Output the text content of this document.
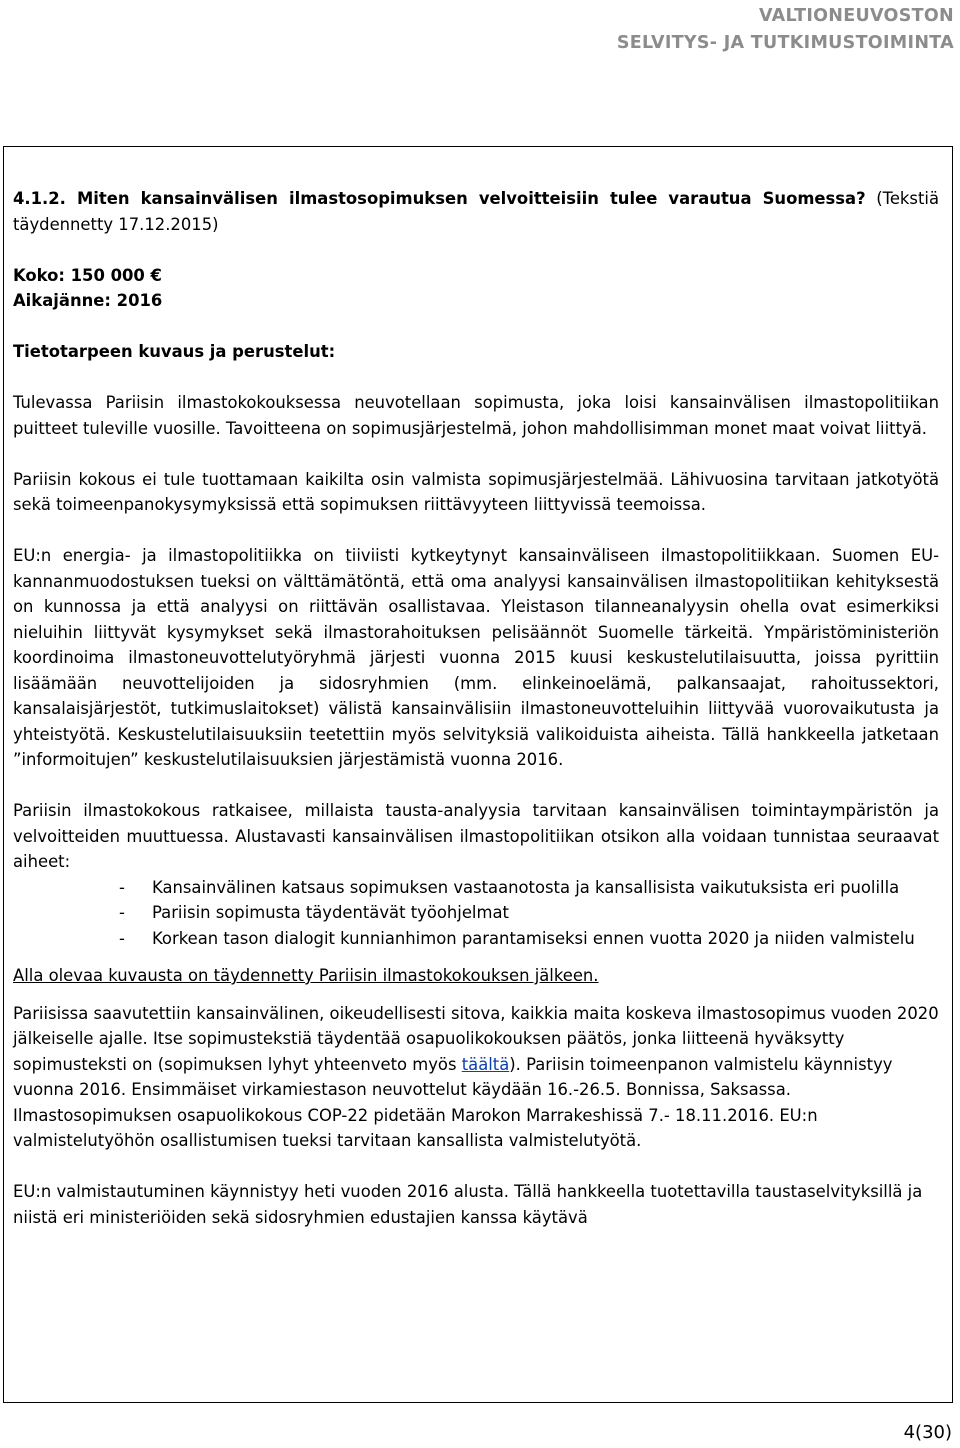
VALTIONEUVOSTON
SELVITYS- JA TUTKIMUSTOIMINTA

4.1.2. Miten kansainvälisen ilmastosopimuksen velvoitteisiin tulee varautua Suomessa? (Tekstiä täydennetty 17.12.2015)

Koko: 150 000 €

Aikajänne: 2016

Tietotarpeen kuvaus ja perustelut:

Tulevassa Pariisin ilmastokokouksessa neuvotellaan sopimusta, joka loisi kansainvälisen ilmastopolitiikan puitteet tuleville vuosille. Tavoitteena on sopimusjärjestelmä, johon mahdollisimman monet maat voivat liittyä.

Pariisin kokous ei tule tuottamaan kaikilta osin valmista sopimusjärjestelmää. Lähivuosina tarvitaan jatkotyötä sekä toimeenpanokysymyksissä että sopimuksen riittävyyteen liittyvissä teemoissa.

EU:n energia- ja ilmastopolitiikka on tiiviisti kytkeytynyt kansainväliseen ilmastopolitiikkaan. Suomen EU-kannanmuodostuksen tueksi on välttämätöntä, että oma analyysi kansainvälisen ilmastopolitiikan kehityksestä on kunnossa ja että analyysi on riittävän osallistavaa. Yleistason tilanneanalyysin ohella ovat esimerkiksi nieluihin liittyvät kysymykset sekä ilmastorahoituksen pelisäännöt Suomelle tärkeitä. Ympäristöministeriön koordinoima ilmastoneuvottelutyöryhmä järjesti vuonna 2015 kuusi keskustelutilaisuutta, joissa pyrittiin lisäämään neuvottelijoiden ja sidosryhmien (mm. elinkeinoelämä, palkansaajat, rahoitussektori, kansalaisjärjestöt, tutkimuslaitokset) välistä kansainvälisiin ilmastoneuvotteluihin liittyvää vuorovaikutusta ja yhteistyötä. Keskustelutilaisuuksiin teetettiin myös selvityksiä valikoiduista aiheista. Tällä hankkeella jatketaan ”informoitujen” keskustelutilaisuuksien järjestämistä vuonna 2016.

Pariisin ilmastokokous ratkaisee, millaista tausta-analyysia tarvitaan kansainvälisen toimintaympäristön ja velvoitteiden muuttuessa. Alustavasti kansainvälisen ilmastopolitiikan otsikon alla voidaan tunnistaa seuraavat aiheet:

- Kansainvälinen katsaus sopimuksen vastaanotosta ja kansallisista vaikutuksista eri puolilla
- Pariisin sopimusta täydentävät työohjelmat
- Korkean tason dialogit kunnianhimon parantamiseksi ennen vuotta 2020 ja niiden valmistelu

Alla olevaa kuvausta on täydennetty Pariisin ilmastokokouksen jälkeen.

Pariisissa saavutettiin kansainvälinen, oikeudellisesti sitova, kaikkia maita koskeva ilmastosopimus vuoden 2020 jälkeiselle ajalle. Itse sopimustekstiä täydentää osapuolikokouksen päätös, jonka liitteenä hyväksytty sopimusteksti on (sopimuksen lyhyt yhteenveto myös täältä). Pariisin toimeenpanon valmistelu käynnistyy vuonna 2016. Ensimmäiset virkamiestason neuvottelut käydään 16.-26.5. Bonnissa, Saksassa. Ilmastosopimuksen osapuolikokous COP-22 pidetään Marokon Marrakeshissä 7.- 18.11.2016. EU:n valmistelutyöhön osallistumisen tueksi tarvitaan kansallista valmistelutyötä.

EU:n valmistautuminen käynnistyy heti vuoden 2016 alusta. Tällä hankkeella tuotettavilla taustaselvityksillä ja niistä eri ministeriöiden sekä sidosryhmien edustajien kanssa käytävä

4(30)
